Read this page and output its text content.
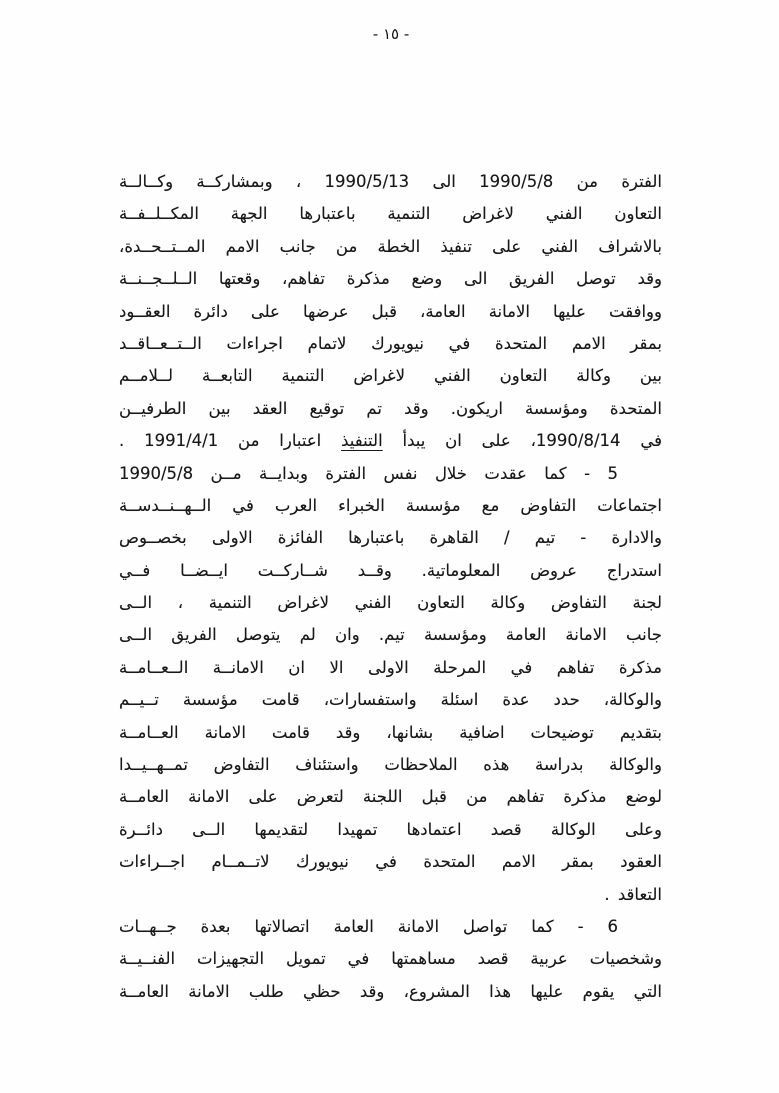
- ١٥ -
الفترة من 1990/5/8 الى 1990/5/13 ، وبمشاركــة وكــالــة
التعاون الفني لاغراض التنمية باعتبارها الجهة المكــلــفــة
بالاشراف الفني على تنفيذ الخطة من جانب الامم المــتــحــدة،
وقد توصل الفريق الى وضع مذكرة تفاهم، وقعتها الــلــجــنــة
ووافقت عليها الامانة العامة، قبل عرضها على دائرة العقــود
بمقر الامم المتحدة في نيويورك لاتمام اجراءات الــتــعــاقــد
بين وكالة التعاون الفني لاغراض التنمية التابعــة لــلامــم
المتحدة ومؤسسة اريكون. وقد تم توقيع العقد بين الطرفيــن
في 1990/8/14، على ان يبدأ التنفيذ اعتبارا من 1991/4/1 .
5 - كما عقدت خلال نفس الفترة وبدايــة مــن 1990/5/8
اجتماعات التفاوض مع مؤسسة الخبراء العرب في الــهــنــدســة
والادارة - تيم / القاهرة باعتبارها الفائزة الاولى بخصــوص
استدراج عروض المعلوماتية. وقــد شــاركــت ايــضــا فــي
لجنة التفاوض وكالة التعاون الفني لاغراض التنمية ، الــى
جانب الامانة العامة ومؤسسة تيم. وان لم يتوصل الفريق الــى
مذكرة تفاهم في المرحلة الاولى الا ان الامانــة الــعــامــة
والوكالة، حدد عدة اسئلة واستفسارات، قامت مؤسسة تــيــم
بتقديم توضيحات اضافية بشانها، وقد قامت الامانة العــامــة
والوكالة بدراسة هذه الملاحظات واستئناف التفاوض تمــهــيــدا
لوضع مذكرة تفاهم من قبل اللجنة لتعرض على الامانة العامــة
وعلى الوكالة قصد اعتمادها تمهيدا لتقديمها الــى دائــرة
العقود بمقر الامم المتحدة في نيويورك لاتــمــام اجــراءات
التعاقد .
6 - كما تواصل الامانة العامة اتصالاتها بعدة جــهــات
وشخصيات عربية قصد مساهمتها في تمويل التجهيزات الفنــيــة
التي يقوم عليها هذا المشروع، وقد حظي طلب الامانة العامــة
